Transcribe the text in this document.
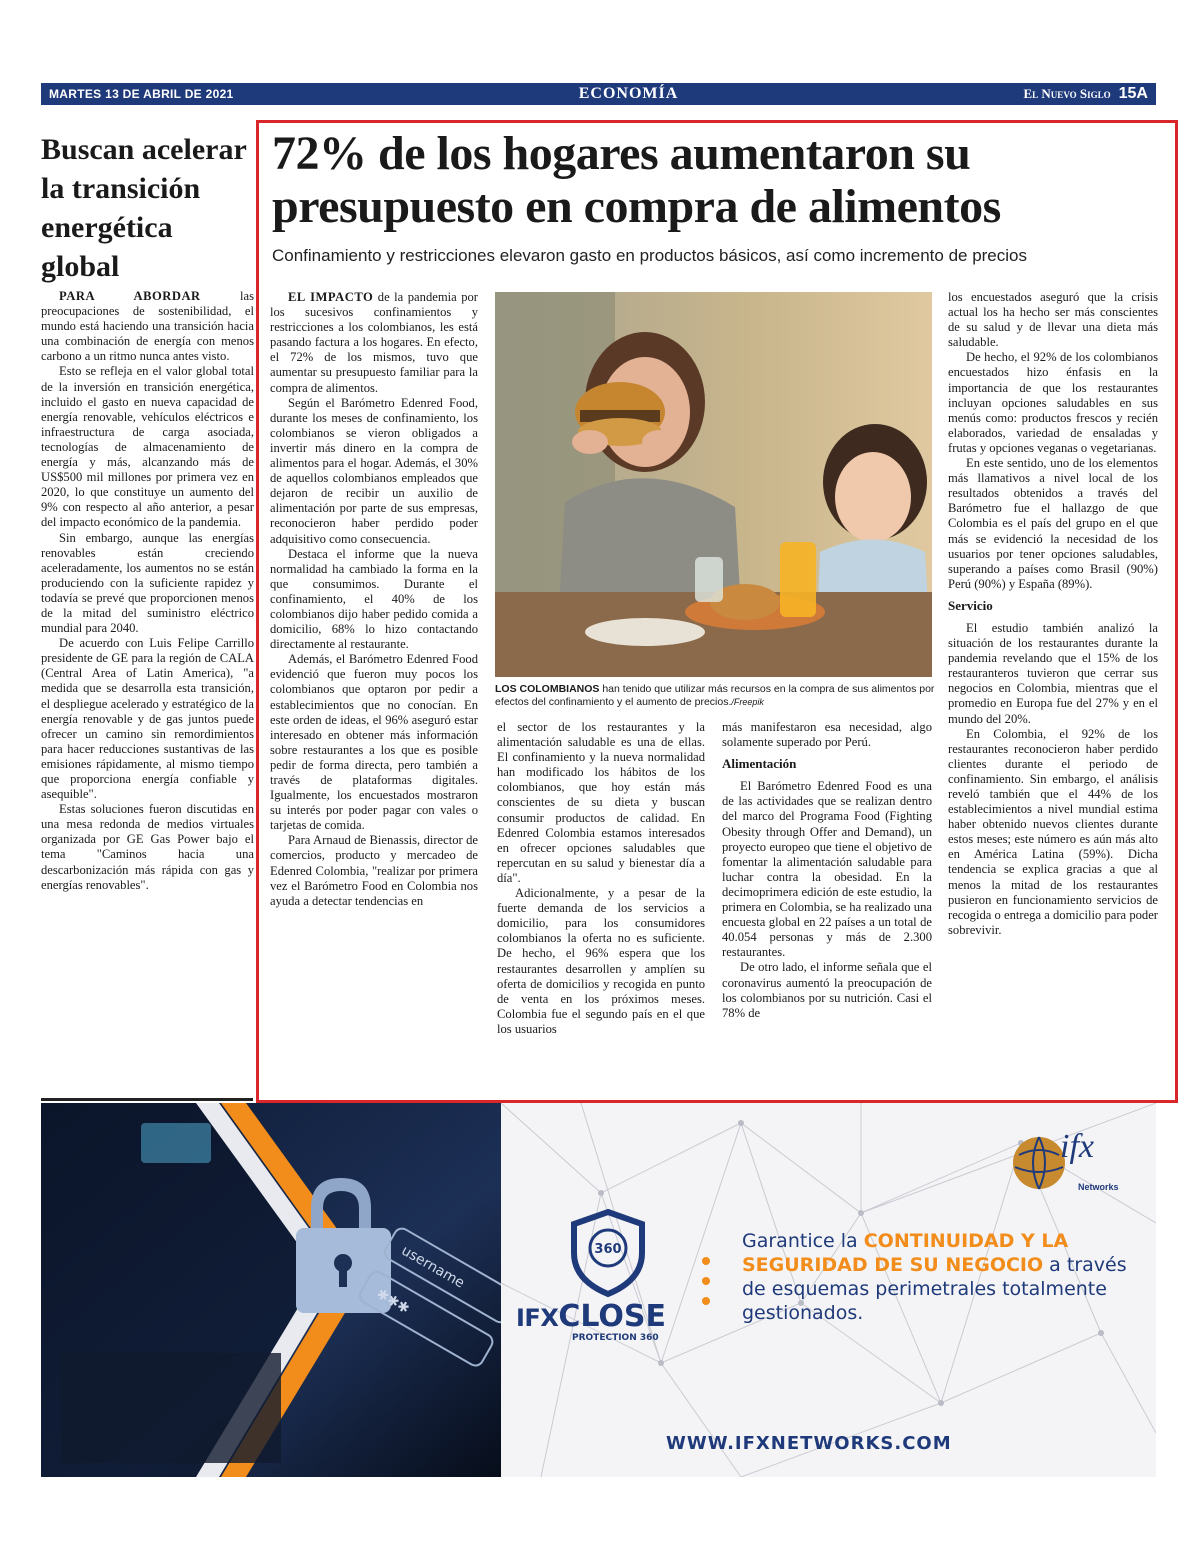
MARTES 13 DE ABRIL DE 2021	ECONOMÍA	El Nuevo Siglo 15A
Buscan acelerar la transición energética global

PARA ABORDAR las preocupaciones de sostenibilidad, el mundo está haciendo una transición hacia una combinación de energía con menos carbono a un ritmo nunca antes visto.

Esto se refleja en el valor global total de la inversión en transición energética, incluido el gasto en nueva capacidad de energía renovable, vehículos eléctricos e infraestructura de carga asociada, tecnologías de almacenamiento de energía y más, alcanzando más de US$500 mil millones por primera vez en 2020, lo que constituye un aumento del 9% con respecto al año anterior, a pesar del impacto económico de la pandemia.

Sin embargo, aunque las energías renovables están creciendo aceleradamente, los aumentos no se están produciendo con la suficiente rapidez y todavía se prevé que proporcionen menos de la mitad del suministro eléctrico mundial para 2040.

De acuerdo con Luis Felipe Carrillo presidente de GE para la región de CALA (Central Area of Latin America), "a medida que se desarrolla esta transición, el despliegue acelerado y estratégico de la energía renovable y de gas juntos puede ofrecer un camino sin remordimientos para hacer reducciones sustantivas de las emisiones rápidamente, al mismo tiempo que proporciona energía confiable y asequible".

Estas soluciones fueron discutidas en una mesa redonda de medios virtuales organizada por GE Gas Power bajo el tema "Caminos hacia una descarbonización más rápida con gas y energías renovables".

72% de los hogares aumentaron su presupuesto en compra de alimentos
Confinamiento y restricciones elevaron gasto en productos básicos, así como incremento de precios

EL IMPACTO de la pandemia por los sucesivos confinamientos y restricciones a los colombianos, les está pasando factura a los hogares. En efecto, el 72% de los mismos, tuvo que aumentar su presupuesto familiar para la compra de alimentos.

Según el Barómetro Edenred Food, durante los meses de confinamiento, los colombianos se vieron obligados a invertir más dinero en la compra de alimentos para el hogar. Además, el 30% de aquellos colombianos empleados que dejaron de recibir un auxilio de alimentación por parte de sus empresas, reconocieron haber perdido poder adquisitivo como consecuencia.

Destaca el informe que la nueva normalidad ha cambiado la forma en la que consumimos. Durante el confinamiento, el 40% de los colombianos dijo haber pedido comida a domicilio, 68% lo hizo contactando directamente al restaurante.

Además, el Barómetro Edenred Food evidenció que fueron muy pocos los colombianos que optaron por pedir a establecimientos que no conocían. En este orden de ideas, el 96% aseguró estar interesado en obtener más información sobre restaurantes a los que es posible pedir de forma directa, pero también a través de plataformas digitales. Igualmente, los encuestados mostraron su interés por poder pagar con vales o tarjetas de comida.

Para Arnaud de Bienassis, director de comercios, producto y mercadeo de Edenred Colombia, "realizar por primera vez el Barómetro Food en Colombia nos ayuda a detectar tendencias en

LOS COLOMBIANOS han tenido que utilizar más recursos en la compra de sus alimentos por efectos del confinamiento y el aumento de precios./Freepik

el sector de los restaurantes y la alimentación saludable es una de ellas. El confinamiento y la nueva normalidad han modificado los hábitos de los colombianos, que hoy están más conscientes de su dieta y buscan consumir productos de calidad. En Edenred Colombia estamos interesados en ofrecer opciones saludables que repercutan en su salud y bienestar día a día".

Adicionalmente, y a pesar de la fuerte demanda de los servicios a domicilio, para los consumidores colombianos la oferta no es suficiente. De hecho, el 96% espera que los restaurantes desarrollen y amplíen su oferta de domicilios y recogida en punto de venta en los próximos meses. Colombia fue el segundo país en el que los usuarios

más manifestaron esa necesidad, algo solamente superado por Perú.

Alimentación

El Barómetro Edenred Food es una de las actividades que se realizan dentro del marco del Programa Food (Fighting Obesity through Offer and Demand), un proyecto europeo que tiene el objetivo de fomentar la alimentación saludable para luchar contra la obesidad. En la decimoprimera edición de este estudio, la primera en Colombia, se ha realizado una encuesta global en 22 países a un total de 40.054 personas y más de 2.300 restaurantes.

De otro lado, el informe señala que el coronavirus aumentó la preocupación de los colombianos por su nutrición. Casi el 78% de

los encuestados aseguró que la crisis actual los ha hecho ser más conscientes de su salud y de llevar una dieta más saludable.

De hecho, el 92% de los colombianos encuestados hizo énfasis en la importancia de que los restaurantes incluyan opciones saludables en sus menús como: productos frescos y recién elaborados, variedad de ensaladas y frutas y opciones veganas o vegetarianas.

En este sentido, uno de los elementos más llamativos a nivel local de los resultados obtenidos a través del Barómetro fue el hallazgo de que Colombia es el país del grupo en el que más se evidenció la necesidad de los usuarios por tener opciones saludables, superando a países como Brasil (90%) Perú (90%) y España (89%).

Servicio

El estudio también analizó la situación de los restaurantes durante la pandemia revelando que el 15% de los restauranteros tuvieron que cerrar sus negocios en Colombia, mientras que el promedio en Europa fue del 27% y en el mundo del 20%.

En Colombia, el 92% de los restaurantes reconocieron haber perdido clientes durante el periodo de confinamiento. Sin embargo, el análisis reveló también que el 44% de los establecimientos a nivel mundial estima haber obtenido nuevos clientes durante estos meses; este número es aún más alto en América Latina (59%). Dicha tendencia se explica gracias a que al menos la mitad de los restaurantes pusieron en funcionamiento servicios de recogida o entrega a domicilio para poder sobrevivir.

username
✱✱✱
360
ifx
Networks
IFXCLOSE
PROTECTION 360
Garantice la CONTINUIDAD Y LA SEGURIDAD DE SU NEGOCIO a través de esquemas perimetrales totalmente gestionados.
WWW.IFXNETWORKS.COM
